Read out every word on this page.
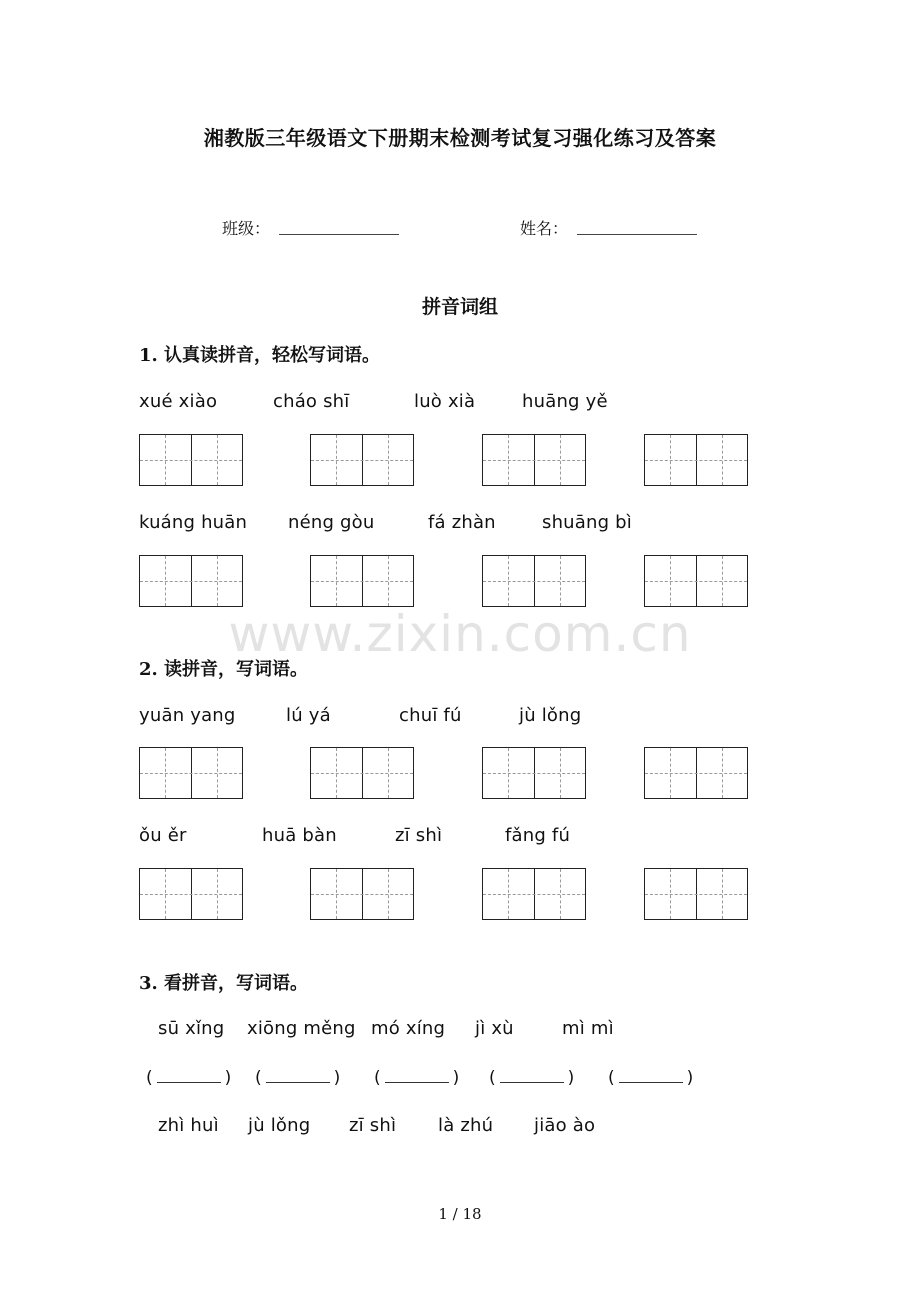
湘教版三年级语文下册期末检测考试复习强化练习及答案
班级：	姓名：
拼音词组
1. 认真读拼音，轻松写词语。
xué xiào	cháo shī	luò xià	huāng yě
kuáng huān néng gòu	fá zhàn	shuāng bì
www.zixin.com.cn
2. 读拼音，写词语。
yuān yang	lú yá	chuī fú	jù lǒng
ǒu ěr	huā bàn	zī shì	fǎng fú
3. 看拼音，写词语。
sū xǐng xiōng měng mó xíng jì xù	mì mì
(	) (	) (	) (	) (	)
zhì huì jù lǒng zī shì là zhú jiāo ào
1 / 18
